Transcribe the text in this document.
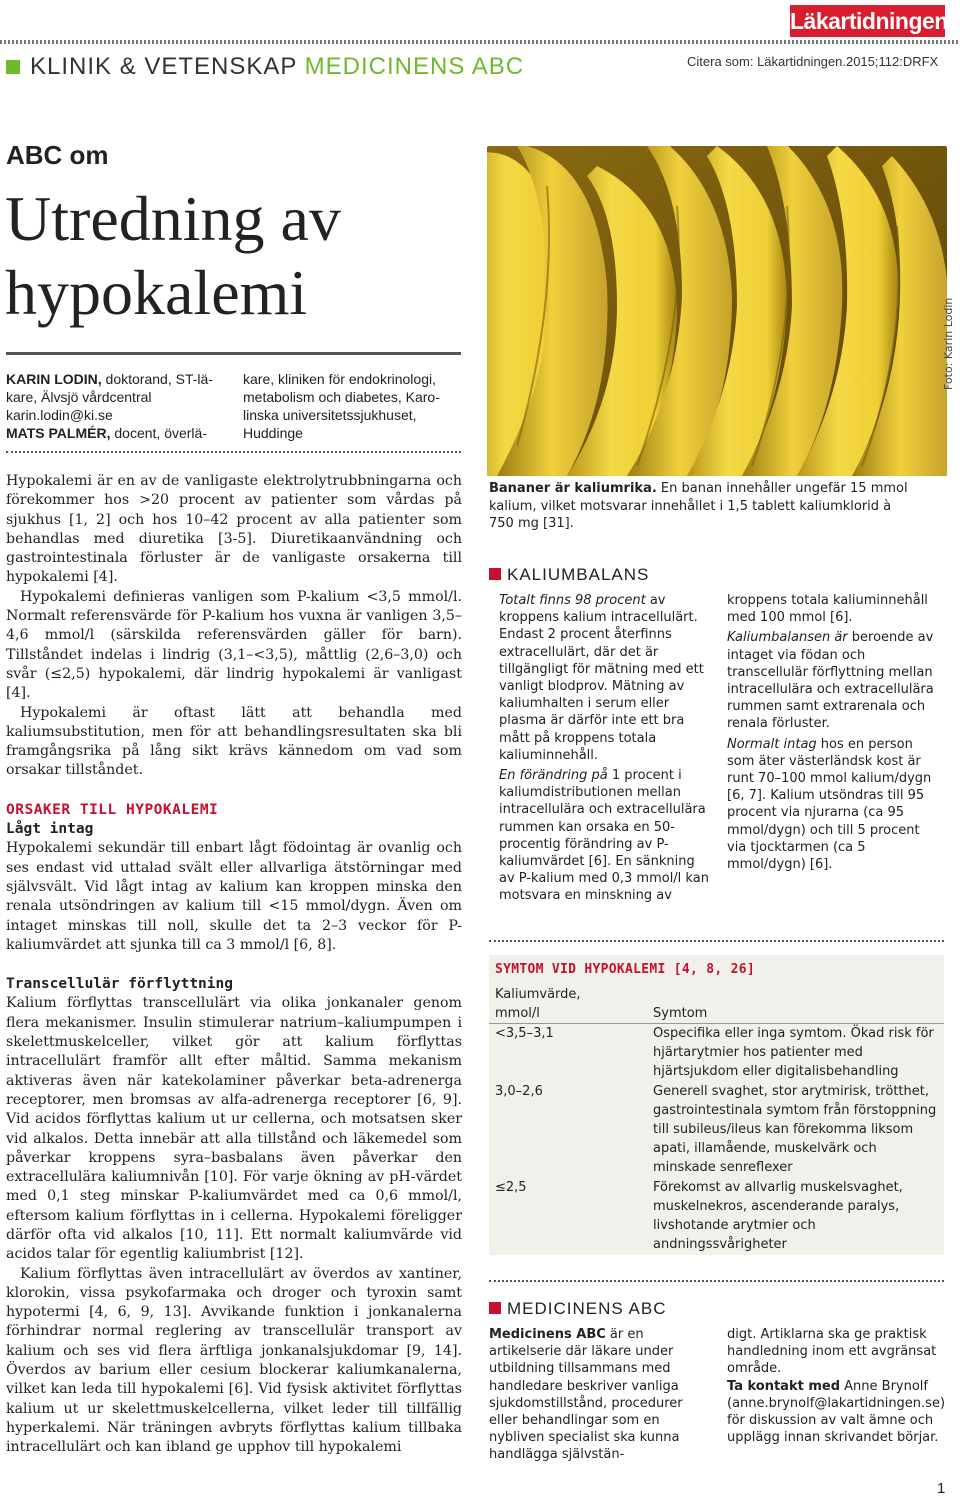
Läkartidningen
KLINIK & VETENSKAP MEDICINENS ABC	Citera som: Läkartidningen.2015;112:DRFX
ABC om
Utredning av
hypokalemi
KARIN LODIN, doktorand, ST-lä-
kare, Älvsjö vårdcentral
karin.lodin@ki.se
MATS PALMÉR, docent, överlä-
kare, kliniken för endokrinologi,
metabolism och diabetes, Karo-
linska universitetssjukhuset,
Huddinge

Hypokalemi är en av de vanligaste elektrolytrubbningarna och förekommer hos >20 procent av patienter som vårdas på sjukhus [1, 2] och hos 10–42 procent av alla patienter som behandlas med diuretika [3-5]. Diuretikaanvändning och gastrointestinala förluster är de vanligaste orsakerna till hypokalemi [4].

Hypokalemi definieras vanligen som P-kalium <3,5 mmol/l. Normalt referensvärde för P-kalium hos vuxna är vanligen 3,5–4,6 mmol/l (särskilda referensvärden gäller för barn). Tillståndet indelas i lindrig (3,1–<3,5), måttlig (2,6–3,0) och svår (≤2,5) hypokalemi, där lindrig hypokalemi är vanligast [4].

Hypokalemi är oftast lätt att behandla med kaliumsubstitution, men för att behandlingsresultaten ska bli framgångsrika på lång sikt krävs kännedom om vad som orsakar tillståndet.

ORSAKER TILL HYPOKALEMI
Lågt intag

Hypokalemi sekundär till enbart lågt födointag är ovanlig och ses endast vid uttalad svält eller allvarliga ätstörningar med självsvält. Vid lågt intag av kalium kan kroppen minska den renala utsöndringen av kalium till <15 mmol/dygn. Även om intaget minskas till noll, skulle det ta 2–3 veckor för P-kaliumvärdet att sjunka till ca 3 mmol/l [6, 8].

Transcellulär förflyttning

Kalium förflyttas transcellulärt via olika jonkanaler genom flera mekanismer. Insulin stimulerar natrium–kaliumpumpen i skelettmuskelceller, vilket gör att kalium förflyttas intracellulärt framför allt efter måltid. Samma mekanism aktiveras även när katekolaminer påverkar beta-adrenerga receptorer, men bromsas av alfa-adrenerga receptorer [6, 9]. Vid acidos förflyttas kalium ut ur cellerna, och motsatsen sker vid alkalos. Detta innebär att alla tillstånd och läkemedel som påverkar kroppens syra–basbalans även påverkar den extracellulära kaliumnivån [10]. För varje ökning av pH-värdet med 0,1 steg minskar P-kaliumvärdet med ca 0,6 mmol/l, eftersom kalium förflyttas in i cellerna. Hypokalemi föreligger därför ofta vid alkalos [10, 11]. Ett normalt kaliumvärde vid acidos talar för egentlig kaliumbrist [12].

Kalium förflyttas även intracellulärt av överdos av xantiner, klorokin, vissa psykofarmaka och droger och tyroxin samt hypotermi [4, 6, 9, 13]. Avvikande funktion i jonkanalerna förhindrar normal reglering av transcellulär transport av kalium och ses vid flera ärftliga jonkanalsjukdomar [9, 14]. Överdos av barium eller cesium blockerar kaliumkanalerna, vilket kan leda till hypokalemi [6]. Vid fysisk aktivitet förflyttas kalium ut ur skelettmuskelcellerna, vilket leder till tillfällig hyperkalemi. När träningen avbryts förflyttas kalium tillbaka intracellulärt och kan ibland ge upphov till hypokalemi

Foto: Karin Lodin
Bananer är kaliumrika. En banan innehåller ungefär 15 mmol kalium, vilket motsvarar innehållet i 1,5 tablett kaliumklorid à 750 mg [31].
KALIUMBALANS
Totalt finns 98 procent av kroppens kalium intracellulärt. Endast 2 procent återfinns extracellulärt, där det är tillgängligt för mätning med ett vanligt blodprov. Mätning av kaliumhalten i serum eller plasma är därför inte ett bra mått på kroppens totala kaliuminnehåll.
En förändring på 1 procent i kaliumdistributionen mellan intracellulära och extracellulära rummen kan orsaka en 50-procentig förändring av P-kaliumvärdet [6]. En sänkning av P-kalium med 0,3 mmol/l kan motsvara en minskning av
kroppens totala kaliuminnehåll med 100 mmol [6].
Kaliumbalansen är beroende av intaget via födan och transcellulär förflyttning mellan intracellulära och extracellulära rummen samt extrarenala och renala förluster.
Normalt intag hos en person som äter västerländsk kost är runt 70–100 mmol kalium/dygn [6, 7]. Kalium utsöndras till 95 procent via njurarna (ca 95 mmol/dygn) och till 5 procent via tjocktarmen (ca 5 mmol/dygn) [6].
SYMTOM VID HYPOKALEMI [4, 8, 26]
Kaliumvärde,
mmol/l	Symtom
<3,5–3,1	Ospecifika eller inga symtom. Ökad risk för hjärtarytmier hos patienter med hjärtsjukdom eller digitalisbehandling
3,0–2,6	Generell svaghet, stor arytmirisk, trötthet, gastrointestinala symtom från förstoppning till subileus/ileus kan förekomma liksom apati, illamående, muskelvärk och minskade senreflexer
≤2,5	Förekomst av allvarlig muskelsvaghet, muskelnekros, ascenderande paralys, livshotande arytmier och andningssvårigheter
MEDICINENS ABC
Medicinens ABC är en artikelserie där läkare under utbildning tillsammans med handledare beskriver vanliga sjukdomstillstånd, procedurer eller behandlingar som en nybliven specialist ska kunna handlägga självstän-
digt. Artiklarna ska ge praktisk handledning inom ett avgränsat område.
Ta kontakt med Anne Brynolf (anne.brynolf@lakartidningen.se) för diskussion av valt ämne och upplägg innan skrivandet börjar.
1
